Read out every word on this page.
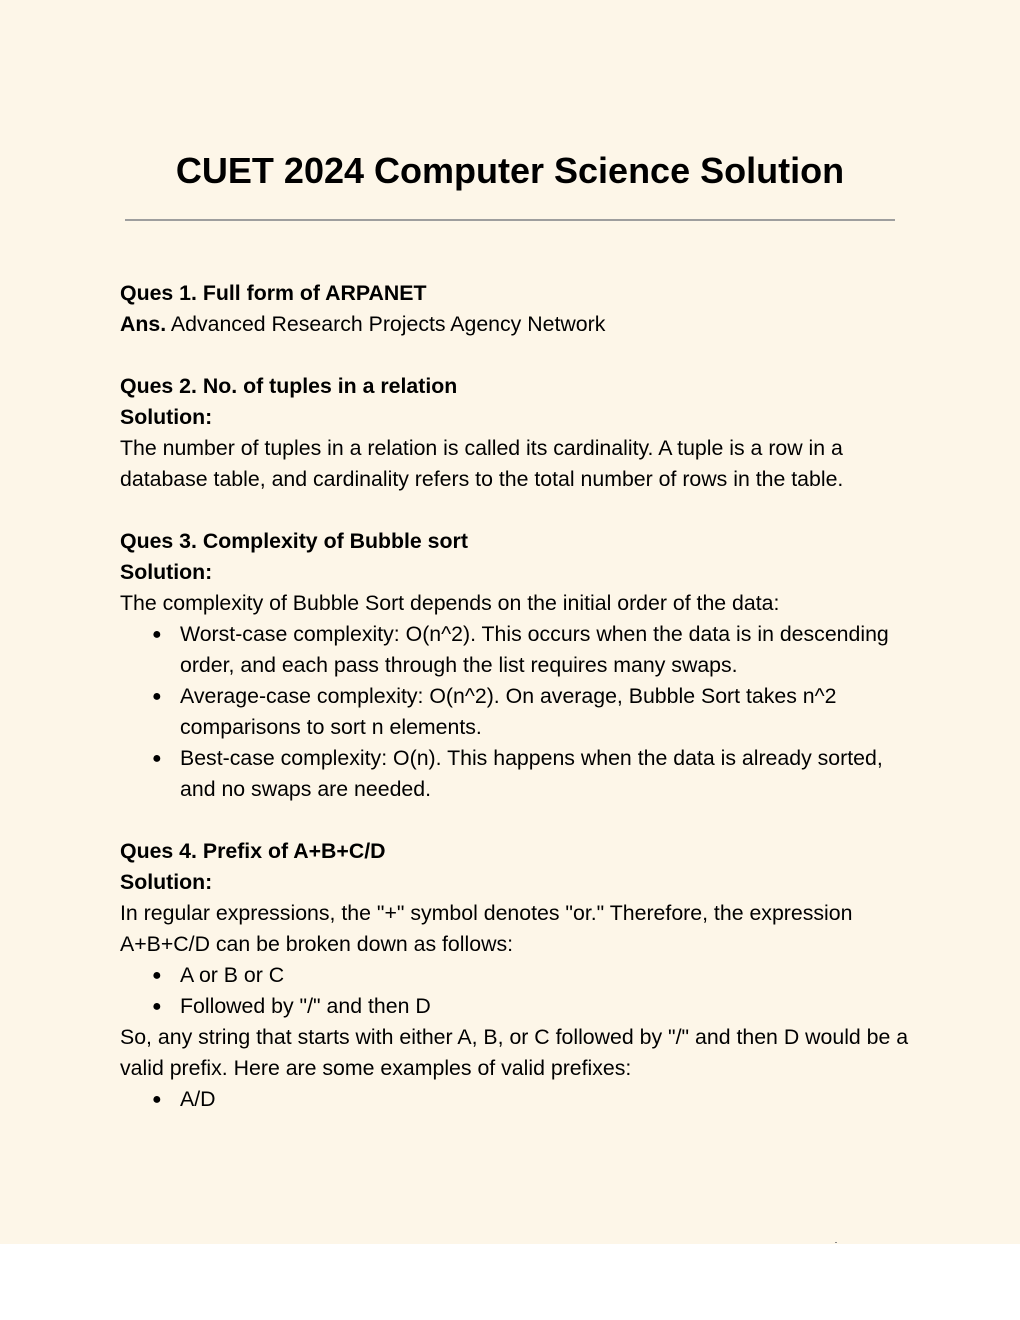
CUET 2024 Computer Science Solution

Ques 1. Full form of ARPANET

Ans. Advanced Research Projects Agency Network

Ques 2. No. of tuples in a relation

Solution:

The number of tuples in a relation is called its cardinality. A tuple is a row in a database table, and cardinality refers to the total number of rows in the table.

Ques 3. Complexity of Bubble sort

Solution:

The complexity of Bubble Sort depends on the initial order of the data:

● Worst-case complexity: O(n^2). This occurs when the data is in descending order, and each pass through the list requires many swaps.
● Average-case complexity: O(n^2). On average, Bubble Sort takes n^2 comparisons to sort n elements.
● Best-case complexity: O(n). This happens when the data is already sorted, and no swaps are needed.

Ques 4. Prefix of A+B+C/D

Solution:

In regular expressions, the "+" symbol denotes "or." Therefore, the expression A+B+C/D can be broken down as follows:

● A or B or C
● Followed by "/" and then D

So, any string that starts with either A, B, or C followed by "/" and then D would be a valid prefix. Here are some examples of valid prefixes:

● A/D
